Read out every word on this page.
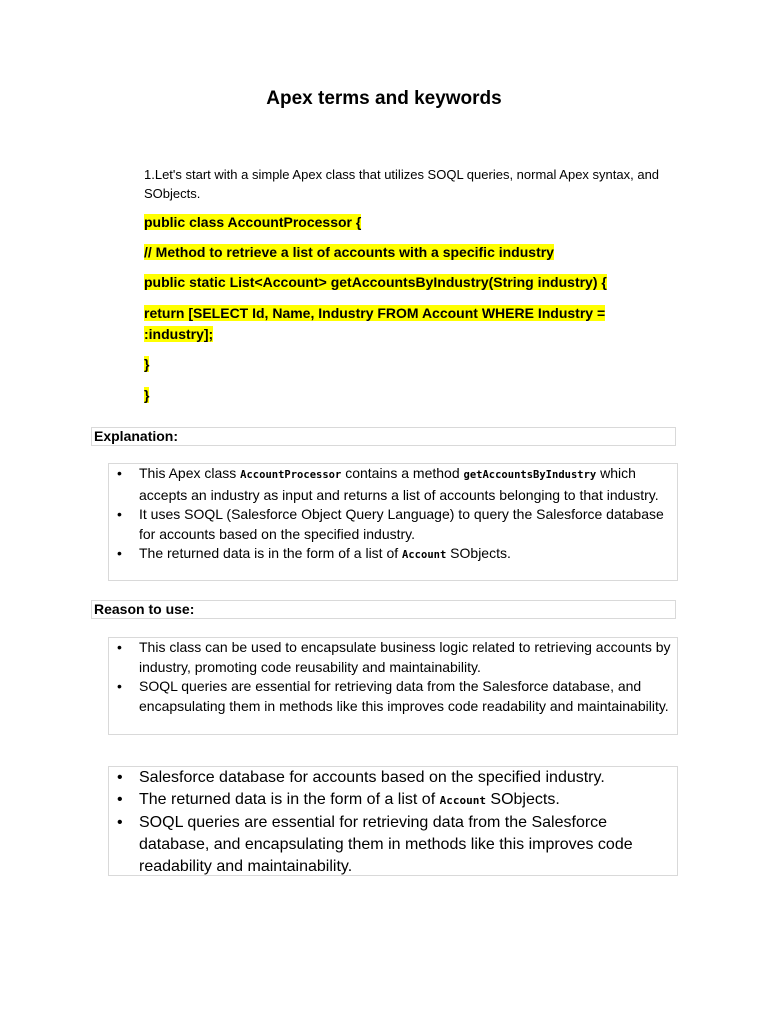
Apex terms and keywords
1.Let's start with a simple Apex class that utilizes SOQL queries, normal Apex syntax, and SObjects.
public class AccountProcessor {
// Method to retrieve a list of accounts with a specific industry
public static List<Account> getAccountsByIndustry(String industry) {
return [SELECT Id, Name, Industry FROM Account WHERE Industry = :industry];
}
}
Explanation:
• This Apex class AccountProcessor contains a method getAccountsByIndustry which accepts an industry as input and returns a list of accounts belonging to that industry.
• It uses SOQL (Salesforce Object Query Language) to query the Salesforce database for accounts based on the specified industry.
• The returned data is in the form of a list of Account SObjects.
Reason to use:
• This class can be used to encapsulate business logic related to retrieving accounts by industry, promoting code reusability and maintainability.
• SOQL queries are essential for retrieving data from the Salesforce database, and encapsulating them in methods like this improves code readability and maintainability.
• Salesforce database for accounts based on the specified industry.
• The returned data is in the form of a list of Account SObjects.
• SOQL queries are essential for retrieving data from the Salesforce database, and encapsulating them in methods like this improves code readability and maintainability.
